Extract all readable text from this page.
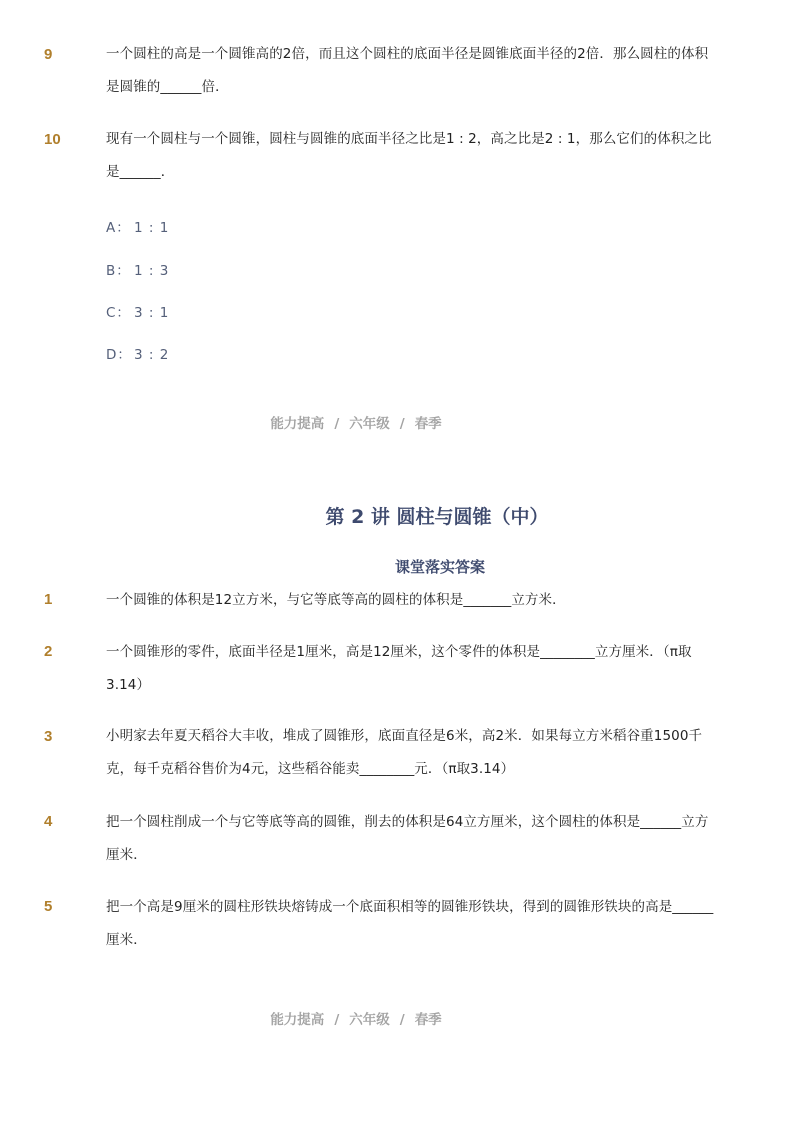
9	一个圆柱的高是一个圆锥高的2倍，而且这个圆柱的底面半径是圆锥底面半径的2倍．那么圆柱的体积是圆锥的______倍．
10	现有一个圆柱与一个圆锥，圆柱与圆锥的底面半径之比是1 : 2，高之比是2 : 1，那么它们的体积之比是______．
A： 1 : 1
B： 1 : 3
C： 3 : 1
D： 3 : 2
能力提高 / 六年级 / 春季
第 2 讲 圆柱与圆锥（中）
课堂落实答案
1	一个圆锥的体积是12立方米，与它等底等高的圆柱的体积是_______立方米．
2	一个圆锥形的零件，底面半径是1厘米，高是12厘米，这个零件的体积是________立方厘米．（π取3.14）
3	小明家去年夏天稻谷大丰收，堆成了圆锥形，底面直径是6米，高2米．如果每立方米稻谷重1500千克，每千克稻谷售价为4元，这些稻谷能卖________元．（π取3.14）
4	把一个圆柱削成一个与它等底等高的圆锥，削去的体积是64立方厘米，这个圆柱的体积是______立方厘米．
5	把一个高是9厘米的圆柱形铁块熔铸成一个底面积相等的圆锥形铁块，得到的圆锥形铁块的高是______厘米．
能力提高 / 六年级 / 春季
